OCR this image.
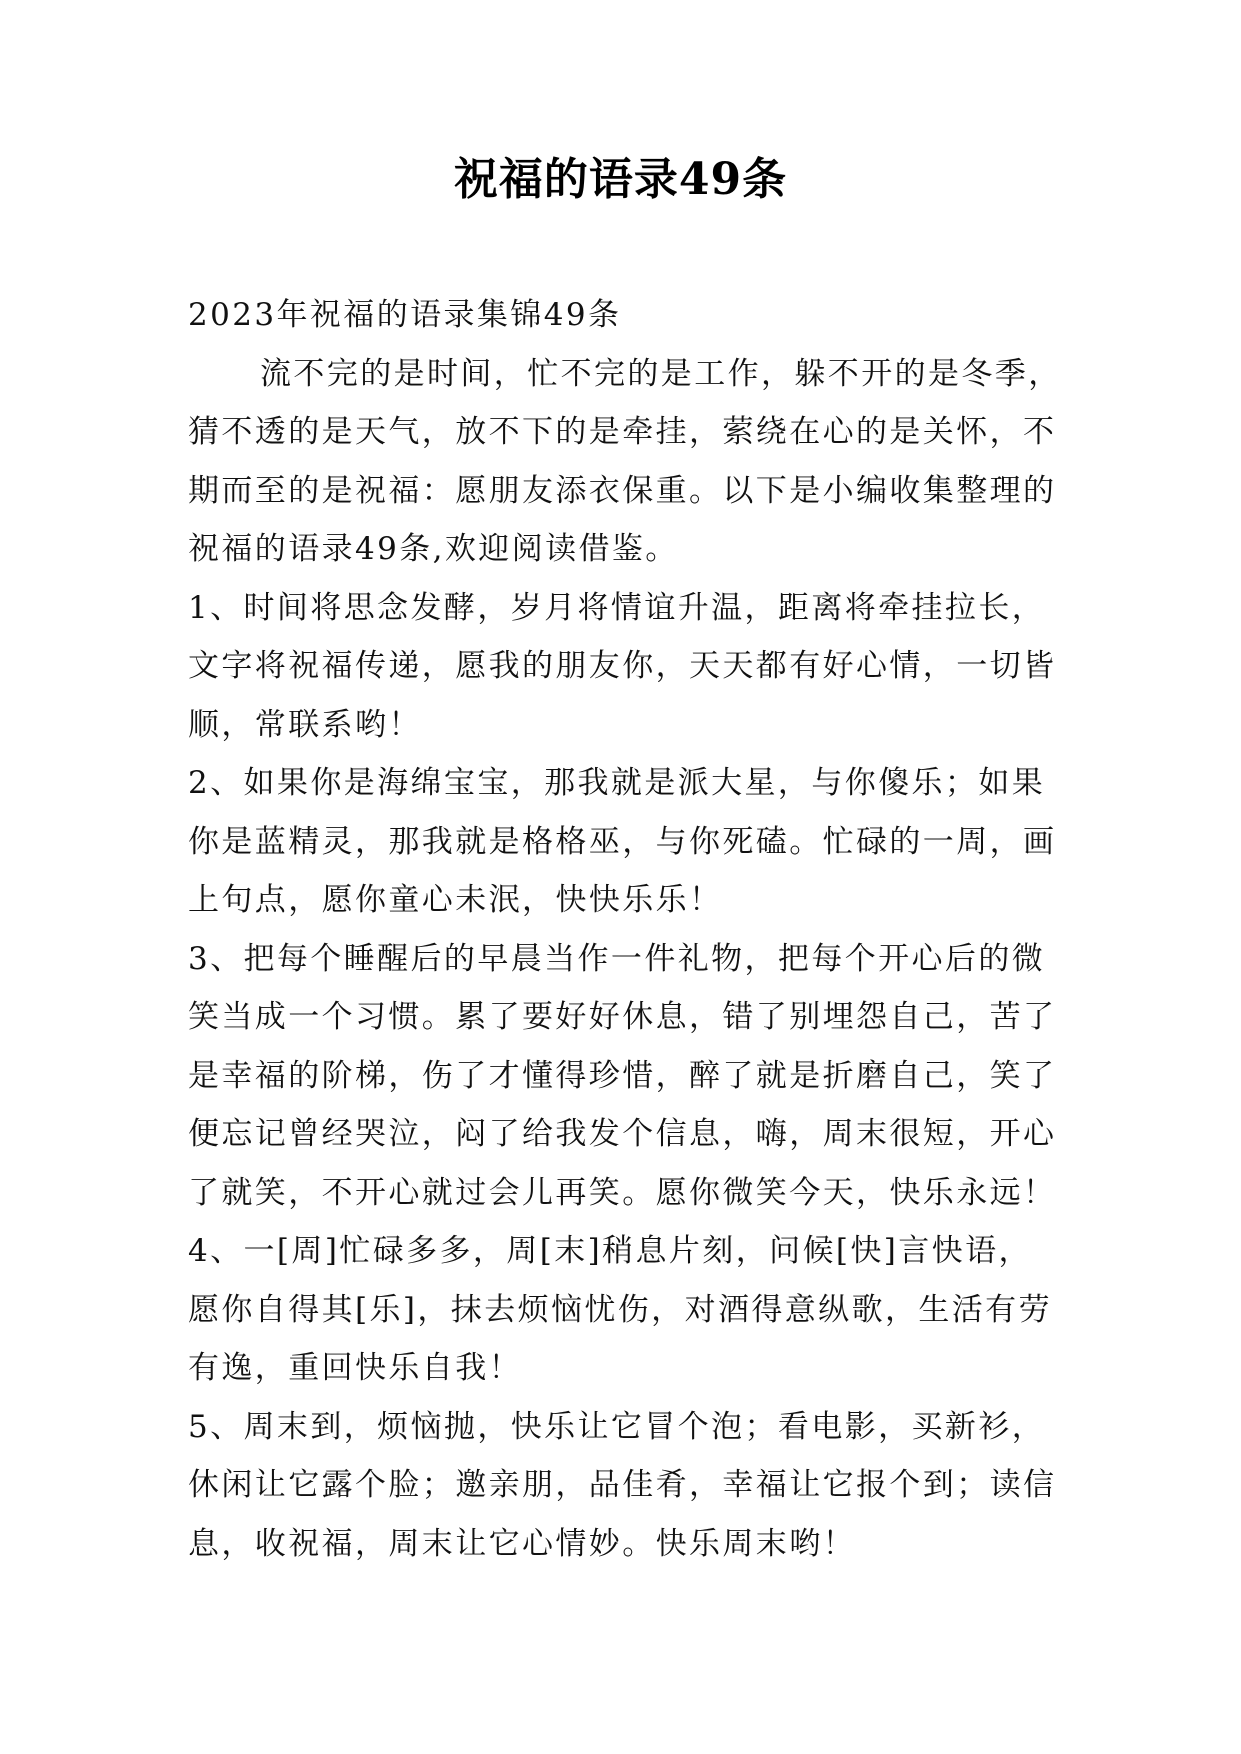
祝福的语录49条
2023年祝福的语录集锦49条
流不完的是时间，忙不完的是工作，躲不开的是冬季，
猜不透的是天气，放不下的是牵挂，萦绕在心的是关怀，不
期而至的是祝福：愿朋友添衣保重。以下是小编收集整理的
祝福的语录49条,欢迎阅读借鉴。
1、时间将思念发酵，岁月将情谊升温，距离将牵挂拉长，
文字将祝福传递，愿我的朋友你，天天都有好心情，一切皆
顺，常联系哟！
2、如果你是海绵宝宝，那我就是派大星，与你傻乐；如果
你是蓝精灵，那我就是格格巫，与你死磕。忙碌的一周，画
上句点，愿你童心未泯，快快乐乐！
3、把每个睡醒后的早晨当作一件礼物，把每个开心后的微
笑当成一个习惯。累了要好好休息，错了别埋怨自己，苦了
是幸福的阶梯，伤了才懂得珍惜，醉了就是折磨自己，笑了
便忘记曾经哭泣，闷了给我发个信息，嗨，周末很短，开心
了就笑，不开心就过会儿再笑。愿你微笑今天，快乐永远！
4、一[周]忙碌多多，周[末]稍息片刻，问候[快]言快语，
愿你自得其[乐]，抹去烦恼忧伤，对酒得意纵歌，生活有劳
有逸，重回快乐自我！
5、周末到，烦恼抛，快乐让它冒个泡；看电影，买新衫，
休闲让它露个脸；邀亲朋，品佳肴，幸福让它报个到；读信
息，收祝福，周末让它心情妙。快乐周末哟！
